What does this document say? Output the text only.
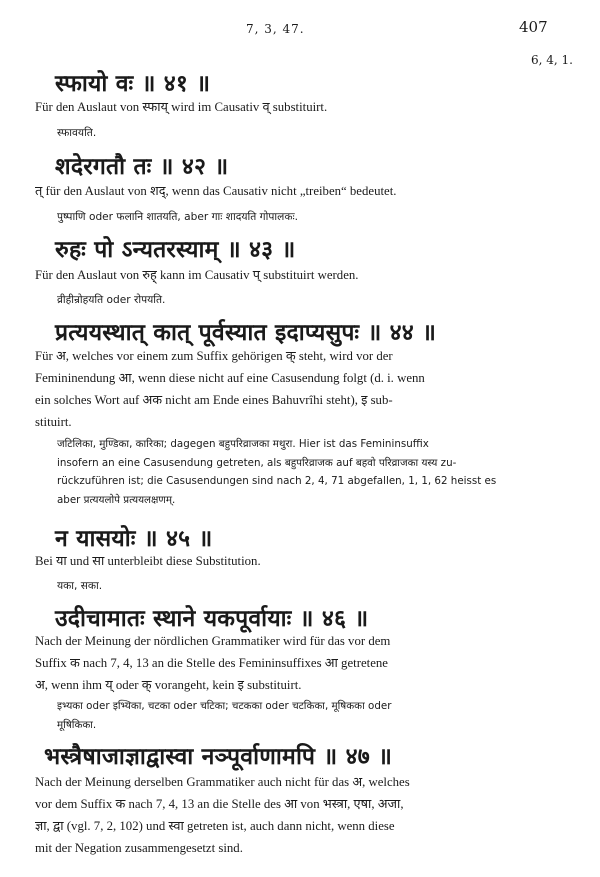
7, 3, 47.	407
6, 4, 1.
स्फायो वः ॥ ४१ ॥
Für den Auslaut von स्फाय् wird im Causativ व् substituirt.
स्फावयति.
शदेरगतौ तः ॥ ४२ ॥
त् für den Auslaut von शद्, wenn das Causativ nicht „treiben“ bedeutet.
पुष्पाणि oder फलानि शातयति, aber गाः शादयति गोपालकः.
रुहः पो ऽन्यतरस्याम् ॥ ४३ ॥
Für den Auslaut von रुह् kann im Causativ प् substituirt werden.
व्रीहीन्रोहयति oder रोपयति.
प्रत्ययस्थात् कात् पूर्वस्यात इदाप्यसुपः ॥ ४४ ॥
Für अ, welches vor einem zum Suffix gehörigen क् steht, wird vor der
Femininendung आ, wenn diese nicht auf eine Casusendung folgt (d. i. wenn
ein solches Wort auf अक nicht am Ende eines Bahuvrîhi steht), इ sub-
stituirt.
जटिलिका, मुण्डिका, कारिका; dagegen बहुपरिव्राजका मथुरा. Hier ist das Femininsuffix
insofern an eine Casusendung getreten, als बहुपरिव्राजक auf बहवो परिव्राजका यस्य zu-
rückzuführen ist; die Casusendungen sind nach 2, 4, 71 abgefallen, 1, 1, 62 heisst es
aber प्रत्ययलोपे प्रत्ययलक्षणम्.
न यासयोः ॥ ४५ ॥
Bei या und सा unterbleibt diese Substitution.
यका, सका.
उदीचामातः स्थाने यकपूर्वायाः ॥ ४६ ॥
Nach der Meinung der nördlichen Grammatiker wird für das vor dem
Suffix क nach 7, 4, 13 an die Stelle des Femininsuffixes आ getretene
अ, wenn ihm य् oder क् vorangeht, kein इ substituirt.
इभ्यका oder इभ्यिका, चटका oder चटिका; चटकका oder चटकिका, मूषिकका oder
मूषिकिका.
भस्त्रैषाजाज्ञाद्वास्वा नञ्पूर्वाणामपि ॥ ४७ ॥
Nach der Meinung derselben Grammatiker auch nicht für das अ, welches
vor dem Suffix क nach 7, 4, 13 an die Stelle des आ von भस्त्रा, एषा, अजा,
ज्ञा, द्वा (vgl. 7, 2, 102) und स्वा getreten ist, auch dann nicht, wenn diese
mit der Negation zusammengesetzt sind.
